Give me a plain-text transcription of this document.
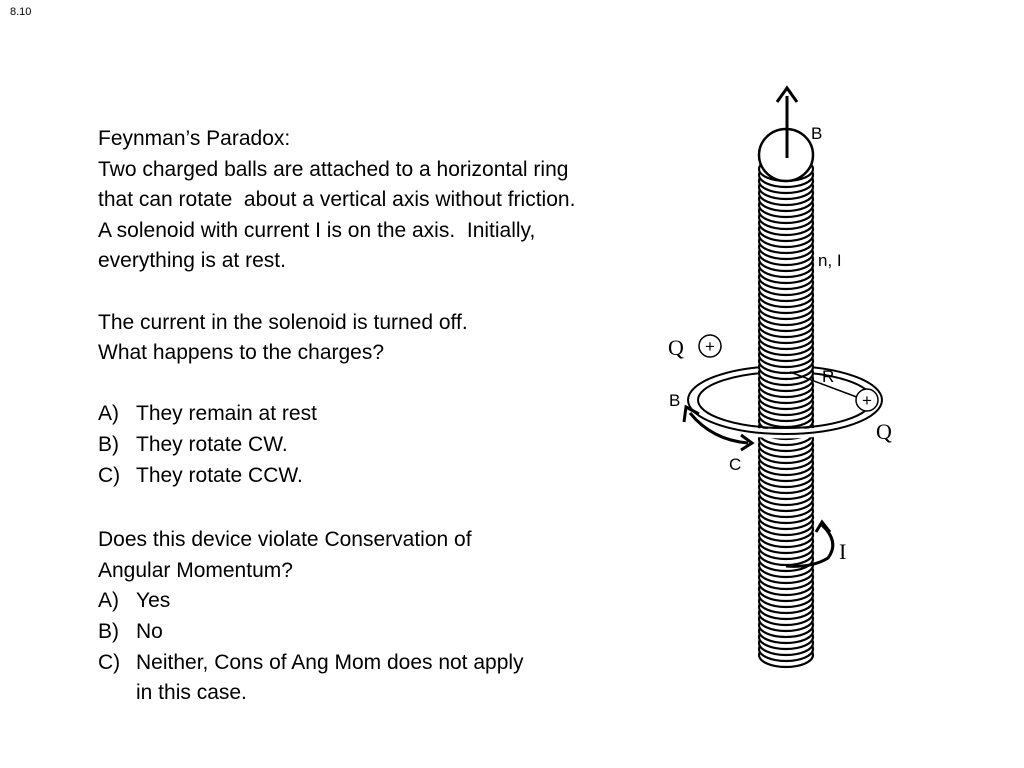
8.10
Feynman’s Paradox:
Two charged balls are attached to a horizontal ring
that can rotate  about a vertical axis without friction.
A solenoid with current I is on the axis.  Initially,
everything is at rest.
The current in the solenoid is turned off.
What happens to the charges?
A) They remain at rest
B) They rotate CW.
C) They rotate CCW.
Does this device violate Conservation of
Angular Momentum?
A) Yes
B) No
C) Neither, Cons of Ang Mom does not apply
in this case.
+
+
B
n, I
Q
Q
R
B
C
I
